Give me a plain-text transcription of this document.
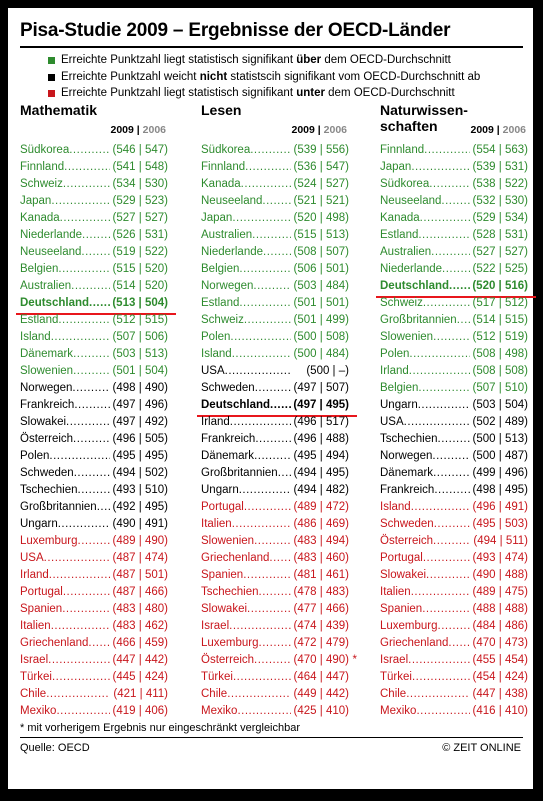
Pisa-Studie 2009 – Ergebnisse der OECD-Länder
Erreichte Punktzahl liegt statistisch signifikant über dem OECD-Durchschnitt
Erreichte Punktzahl weicht nicht statistscih signifikant vom OECD-Durchschnitt ab
Erreichte Punktzahl liegt statistisch signifikant unter dem OECD-Durchschnitt
Mathematik
2009 | 2006
Südkorea .....	(546 | 547)
Finnland .....	(541 | 548)
Schweiz .....	(534 | 530)
Japan .....	(529 | 523)
Kanada .....	(527 | 527)
Niederlande .....	(526 | 531)
Neuseeland .....	(519 | 522)
Belgien .....	(515 | 520)
Australien .....	(514 | 520)
Deutschland .....	(513 | 504)
Estland .....	(512 | 515)
Island .....	(507 | 506)
Dänemark .....	(503 | 513)
Slowenien .....	(501 | 504)
Norwegen .....	(498 | 490)
Frankreich .....	(497 | 496)
Slowakei .....	(497 | 492)
Österreich .....	(496 | 505)
Polen .....	(495 | 495)
Schweden .....	(494 | 502)
Tschechien .....	(493 | 510)
Großbritannien .....	(492 | 495)
Ungarn .....	(490 | 491)
Luxemburg .....	(489 | 490)
USA .....	(487 | 474)
Irland .....	(487 | 501)
Portugal .....	(487 | 466)
Spanien .....	(483 | 480)
Italien .....	(483 | 462)
Griechenland .....	(466 | 459)
Israel .....	(447 | 442)
Türkei .....	(445 | 424)
Chile .....	(421 | 411)
Mexiko .....	(419 | 406)
Lesen
2009 | 2006
Südkorea .....	(539 | 556)
Finnland .....	(536 | 547)
Kanada .....	(524 | 527)
Neuseeland .....	(521 | 521)
Japan .....	(520 | 498)
Australien .....	(515 | 513)
Niederlande .....	(508 | 507)
Belgien .....	(506 | 501)
Norwegen .....	(503 | 484)
Estland .....	(501 | 501)
Schweiz .....	(501 | 499)
Polen .....	(500 | 508)
Island .....	(500 | 484)
USA .....	(500 | –)
Schweden .....	(497 | 507)
Deutschland .....	(497 | 495)
Irland .....	(496 | 517)
Frankreich .....	(496 | 488)
Dänemark .....	(495 | 494)
Großbritannien .....	(494 | 495)
Ungarn .....	(494 | 482)
Portugal .....	(489 | 472)
Italien .....	(486 | 469)
Slowenien .....	(483 | 494)
Griechenland .....	(483 | 460)
Spanien .....	(481 | 461)
Tschechien .....	(478 | 483)
Slowakei .....	(477 | 466)
Israel .....	(474 | 439)
Luxemburg .....	(472 | 479)
Österreich .....	(470 | 490) *
Türkei .....	(464 | 447)
Chile .....	(449 | 442)
Mexiko .....	(425 | 410)
Naturwissen-
schaften	2009 | 2006
Finnland .....	(554 | 563)
Japan .....	(539 | 531)
Südkorea .....	(538 | 522)
Neuseeland .....	(532 | 530)
Kanada .....	(529 | 534)
Estland .....	(528 | 531)
Australien .....	(527 | 527)
Niederlande .....	(522 | 525)
Deutschland .....	(520 | 516)
Schweiz .....	(517 | 512)
Großbritannien .....	(514 | 515)
Slowenien .....	(512 | 519)
Polen .....	(508 | 498)
Irland .....	(508 | 508)
Belgien .....	(507 | 510)
Ungarn .....	(503 | 504)
USA .....	(502 | 489)
Tschechien .....	(500 | 513)
Norwegen .....	(500 | 487)
Dänemark .....	(499 | 496)
Frankreich .....	(498 | 495)
Island .....	(496 | 491)
Schweden .....	(495 | 503)
Österreich .....	(494 | 511)
Portugal .....	(493 | 474)
Slowakei .....	(490 | 488)
Italien .....	(489 | 475)
Spanien .....	(488 | 488)
Luxemburg .....	(484 | 486)
Griechenland .....	(470 | 473)
Israel .....	(455 | 454)
Türkei .....	(454 | 424)
Chile .....	(447 | 438)
Mexiko .....	(416 | 410)
* mit vorherigem Ergebnis nur eingeschränkt vergleichbar
Quelle: OECD	© ZEIT ONLINE
